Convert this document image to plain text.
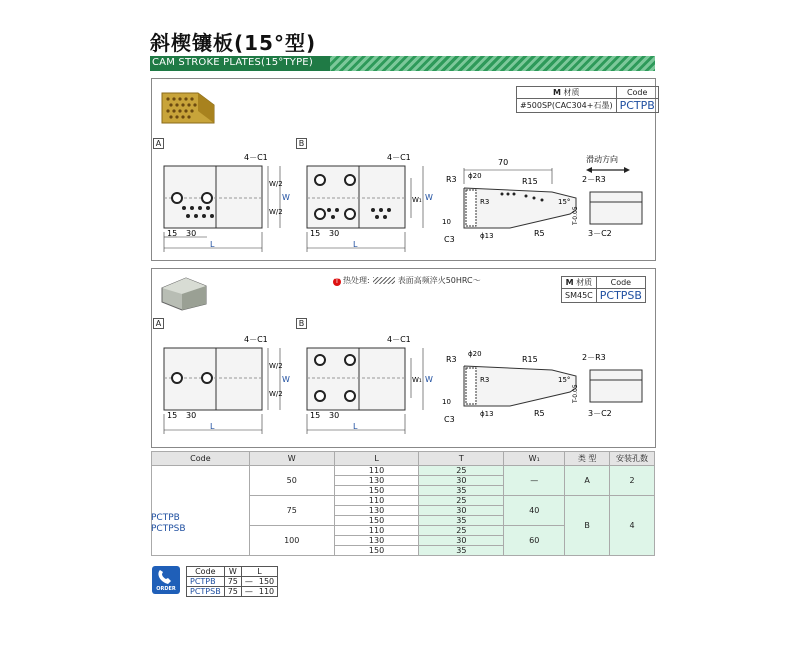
斜楔镶板(15°型)
CAM STROKE PLATES(15°TYPE)
M 材质	Code
#500SP(CAC304+石墨)	PCTPB
A
15 30
L
4－C1
W/2
W/2
W
B
15 30
L
4－C1
W₁ W
70
R3 ϕ20
R3
R15
R5
10
C3	ϕ13
15°
T-0.05
2－R3
3－C2
滑动方向
T 热处理:	表面高频淬火50HRC～	M 材质	Code
SM45C	PCTPSB
A
15 30
L
4－C1
W/2
W/2
W
B
15 30
L
4－C1
W₁ W
R3
ϕ20
R3
R15
R5
10
C3
ϕ13
15°
T-0.05
2－R3
3－C2
Code	W	L	T	W₁	类 型	安装孔数
	50	110	25	—	A	2
		130	30			
		150	35			
	75	110	25	40	B	4
		130	30			
		150	35			
	100	110	25	60		
		130	30			
		150	35			
PCTPB
PCTPSB
ORDER
Code	W	L	
PCTPB	75	—	150
PCTPSB	75	—	110
